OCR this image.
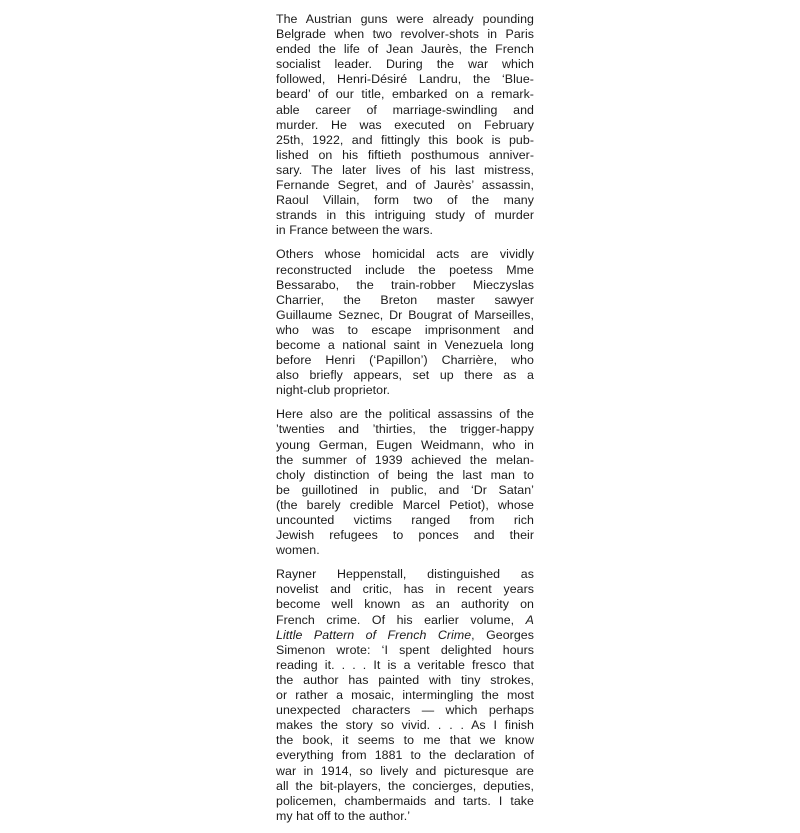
The Austrian guns were already pounding
Belgrade when two revolver-shots in Paris
ended the life of Jean Jaurès, the French
socialist leader. During the war which
followed, Henri-Désiré Landru, the ‘Blue-
beard’ of our title, embarked on a remark-
able career of marriage-swindling and
murder. He was executed on February
25th, 1922, and fittingly this book is pub-
lished on his fiftieth posthumous anniver-
sary. The later lives of his last mistress,
Fernande Segret, and of Jaurès’ assassin,
Raoul Villain, form two of the many
strands in this intriguing study of murder
in France between the wars.
Others whose homicidal acts are vividly
reconstructed include the poetess Mme
Bessarabo, the train-robber Mieczyslas
Charrier, the Breton master sawyer
Guillaume Seznec, Dr Bougrat of Marseilles,
who was to escape imprisonment and
become a national saint in Venezuela long
before Henri (‘Papillon’) Charrière, who
also briefly appears, set up there as a
night-club proprietor.
Here also are the political assassins of the
’twenties and ’thirties, the trigger-happy
young German, Eugen Weidmann, who in
the summer of 1939 achieved the melan-
choly distinction of being the last man to
be guillotined in public, and ‘Dr Satan’
(the barely credible Marcel Petiot), whose
uncounted victims ranged from rich
Jewish refugees to ponces and their
women.
Rayner Heppenstall, distinguished as
novelist and critic, has in recent years
become well known as an authority on
French crime. Of his earlier volume, A
Little Pattern of French Crime, Georges
Simenon wrote: ‘I spent delighted hours
reading it. . . . It is a veritable fresco that
the author has painted with tiny strokes,
or rather a mosaic, intermingling the most
unexpected characters — which perhaps
makes the story so vivid. . . . As I finish
the book, it seems to me that we know
everything from 1881 to the declaration of
war in 1914, so lively and picturesque are
all the bit-players, the concierges, deputies,
policemen, chambermaids and tarts. I take
my hat off to the author.’
